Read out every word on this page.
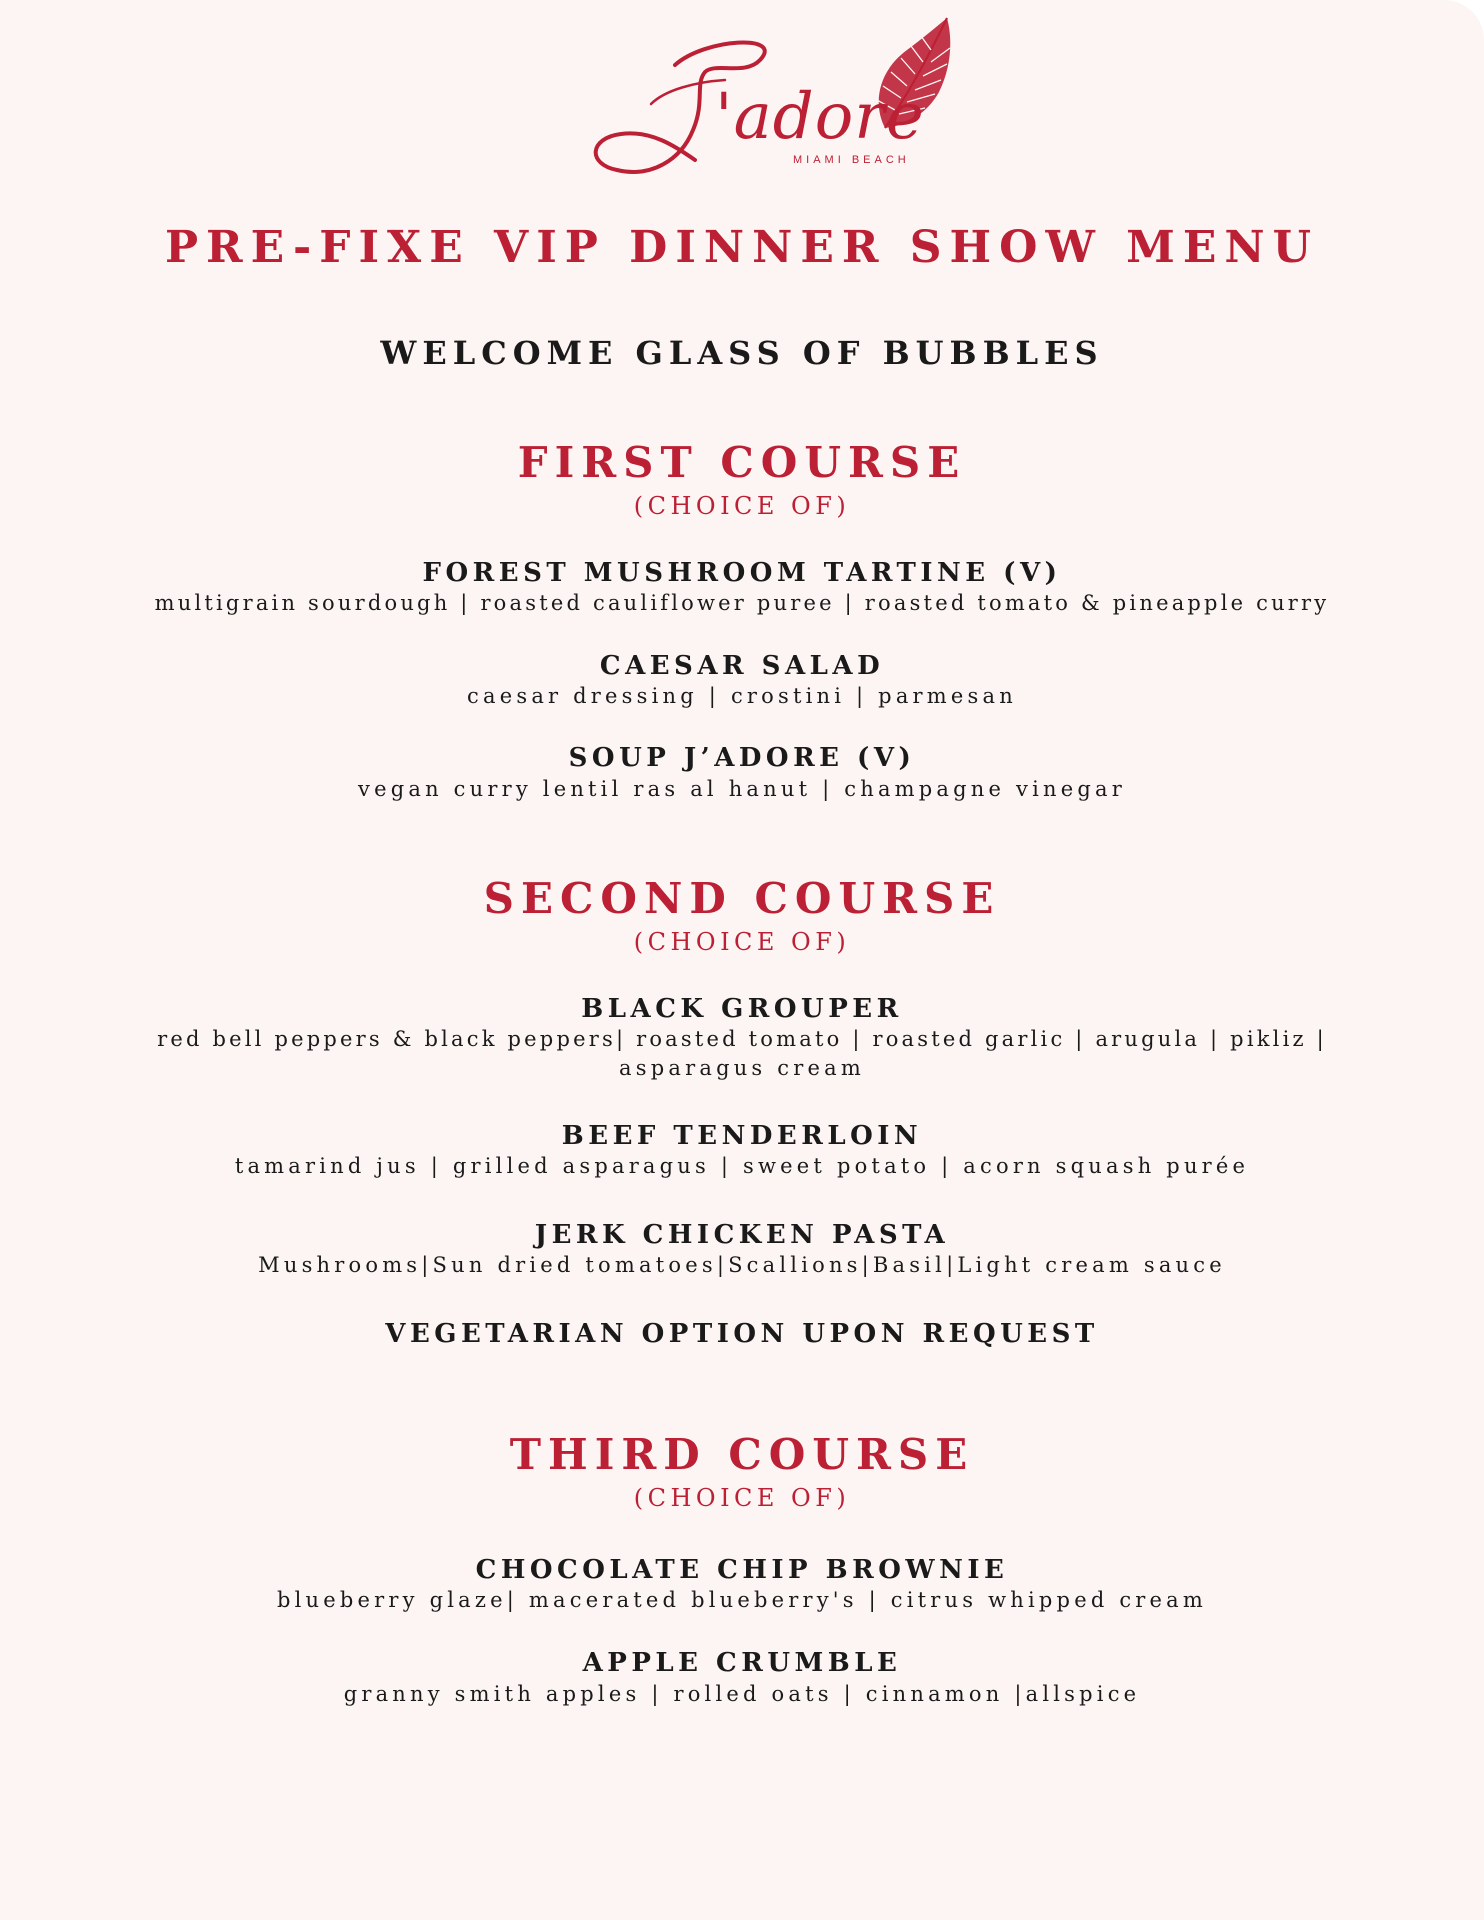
'adore
MIAMI BEACH
PRE-FIXE VIP DINNER SHOW MENU
WELCOME GLASS OF BUBBLES
FIRST COURSE
(CHOICE OF)
FOREST MUSHROOM TARTINE (V)
multigrain sourdough | roasted cauliflower puree | roasted tomato & pineapple curry
CAESAR SALAD
caesar dressing | crostini | parmesan
SOUP J’ADORE (V)
vegan curry lentil ras al hanut | champagne vinegar
SECOND COURSE
(CHOICE OF)
BLACK GROUPER
red bell peppers & black peppers| roasted tomato | roasted garlic | arugula | pikliz |
asparagus cream
BEEF TENDERLOIN
tamarind jus | grilled asparagus | sweet potato | acorn squash purée
JERK CHICKEN PASTA
Mushrooms|Sun dried tomatoes|Scallions|Basil|Light cream sauce
VEGETARIAN OPTION UPON REQUEST
THIRD COURSE
(CHOICE OF)
CHOCOLATE CHIP BROWNIE
blueberry glaze| macerated blueberry's | citrus whipped cream
APPLE CRUMBLE
granny smith apples | rolled oats | cinnamon |allspice
